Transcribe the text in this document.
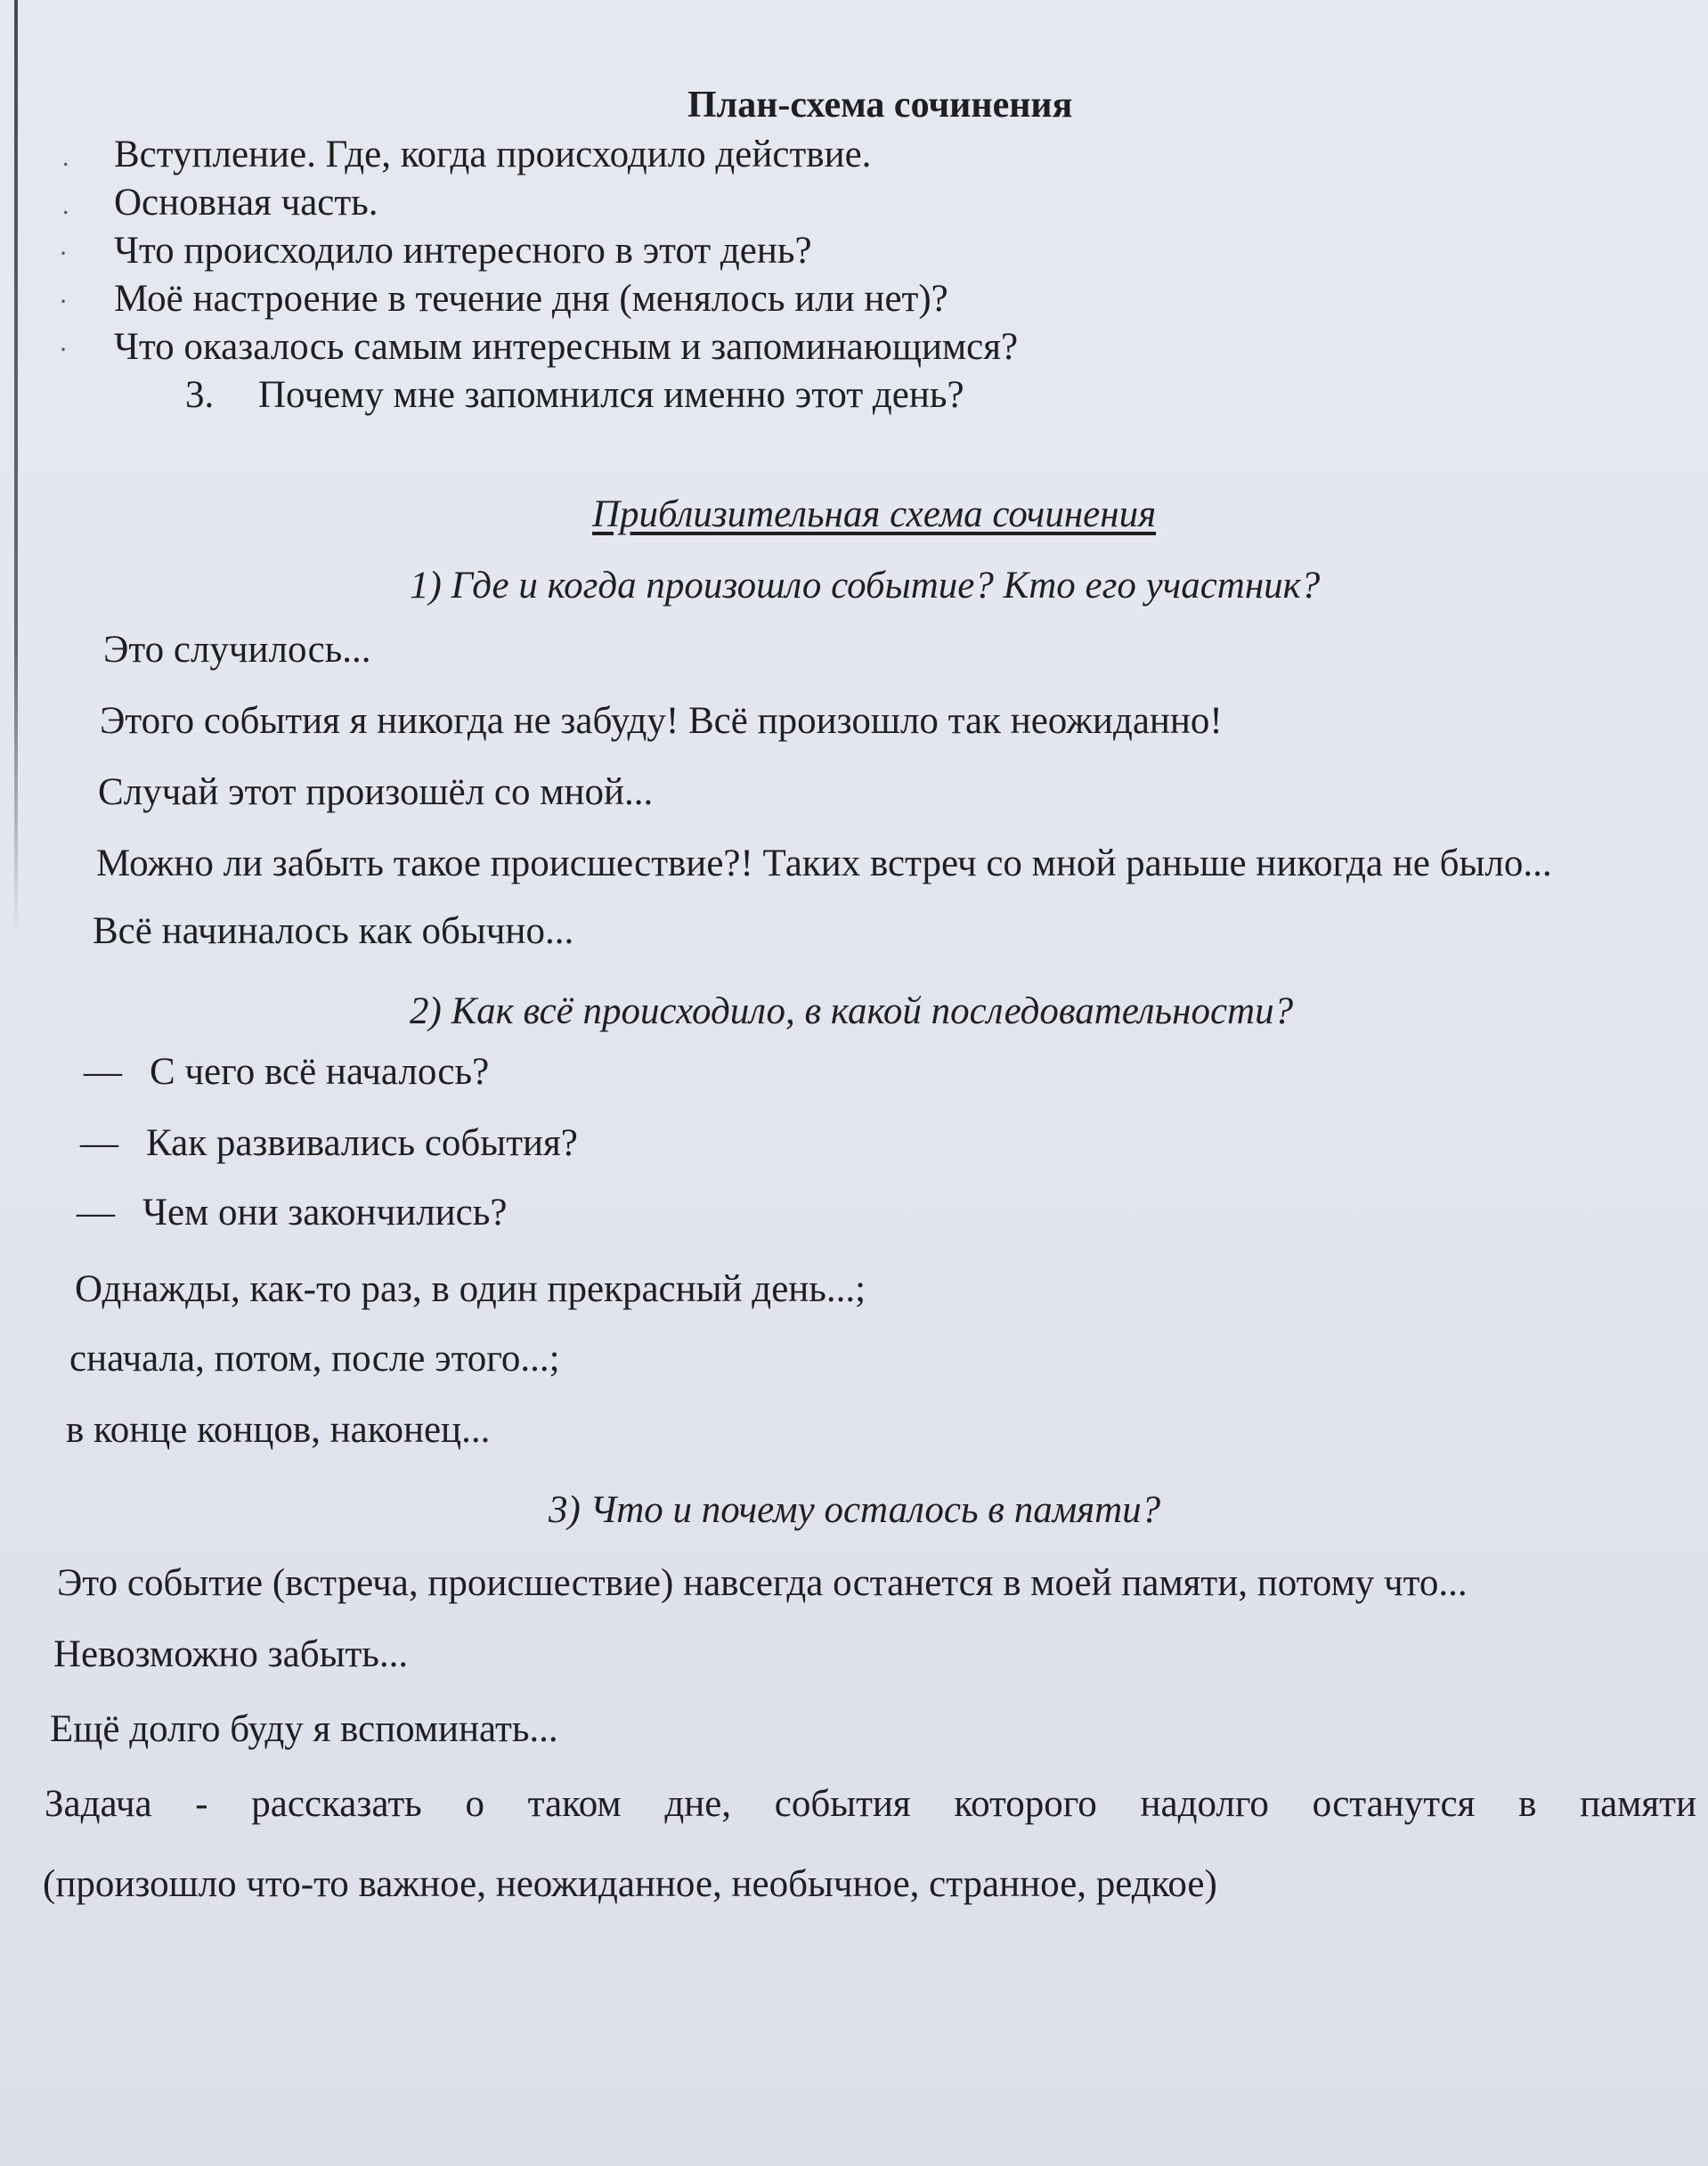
План-схема сочинения
. Вступление. Где, когда происходило действие.
. Основная часть.
· Что происходило интересного в этот день?
· Моё настроение в течение дня (менялось или нет)?
· Что оказалось самым интересным и запоминающимся?
3. Почему мне запомнился именно этот день?
Приблизительная схема сочинения
1) Где и когда произошло событие? Кто его участник?
Это случилось...
Этого события я никогда не забуду! Всё произошло так неожиданно!
Случай этот произошёл со мной...
Можно ли забыть такое происшествие?! Таких встреч со мной раньше никогда не было...
Всё начиналось как обычно...
2) Как всё происходило, в какой последовательности?
— С чего всё началось?
— Как развивались события?
— Чем они закончились?
Однажды, как-то раз, в один прекрасный день...;
сначала, потом, после этого...;
в конце концов, наконец...
3) Что и почему осталось в памяти?
Это событие (встреча, происшествие) навсегда останется в моей памяти, потому что...
Невозможно забыть...
Ещё долго буду я вспоминать...
Задача - рассказать о таком дне, события которого надолго останутся в памяти
(произошло что-то важное, неожиданное, необычное, странное, редкое)
